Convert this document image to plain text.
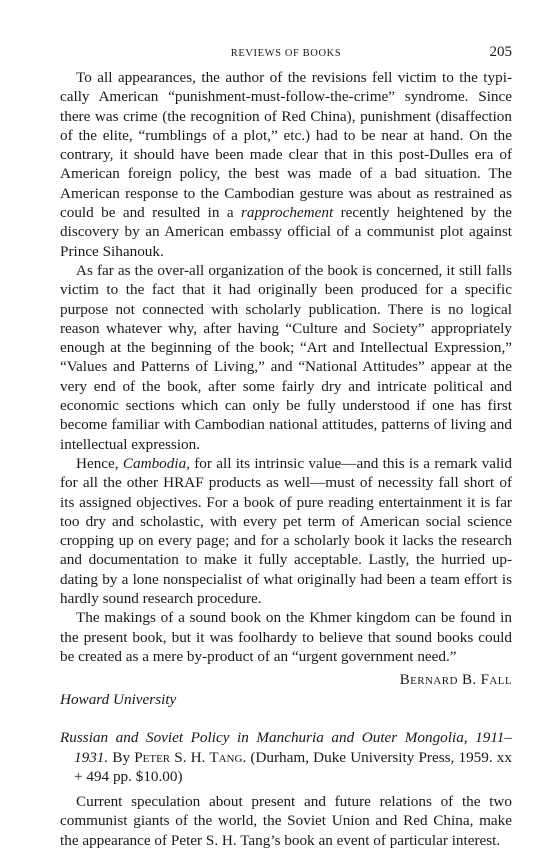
REVIEWS OF BOOKS	205

To all appearances, the author of the revisions fell victim to the typically American “punishment-must-follow-the-crime” syndrome. Since there was crime (the recognition of Red China), punishment (disaffection of the elite, “rumblings of a plot,” etc.) had to be near at hand. On the contrary, it should have been made clear that in this post-Dulles era of American foreign policy, the best was made of a bad situation. The American response to the Cambodian gesture was about as restrained as could be and resulted in a rapprochement recently heightened by the discovery by an American embassy official of a communist plot against Prince Sihanouk.

As far as the over-all organization of the book is concerned, it still falls victim to the fact that it had originally been produced for a specific purpose not connected with scholarly publication. There is no logical reason whatever why, after having “Culture and Society” appropriately enough at the beginning of the book; “Art and Intellectual Expression,” “Values and Patterns of Living,” and “National Attitudes” appear at the very end of the book, after some fairly dry and intricate political and economic sections which can only be fully understood if one has first become familiar with Cambodian national attitudes, patterns of living and intellectual expression.

Hence, Cambodia, for all its intrinsic value—and this is a remark valid for all the other HRAF products as well—must of necessity fall short of its assigned objectives. For a book of pure reading entertainment it is far too dry and scholastic, with every pet term of American social science cropping up on every page; and for a scholarly book it lacks the research and documentation to make it fully acceptable. Lastly, the hurried up-dating by a lone nonspecialist of what originally had been a team effort is hardly sound research procedure.

The makings of a sound book on the Khmer kingdom can be found in the present book, but it was foolhardy to believe that sound books could be created as a mere by-product of an “urgent government need.”

Bernard B. Fall

Howard University

Russian and Soviet Policy in Manchuria and Outer Mongolia, 1911–1931. By Peter S. H. Tang. (Durham, Duke University Press, 1959. xx + 494 pp. $10.00)

Current speculation about present and future relations of the two communist giants of the world, the Soviet Union and Red China, make the appearance of Peter S. H. Tang’s book an event of particular interest.
